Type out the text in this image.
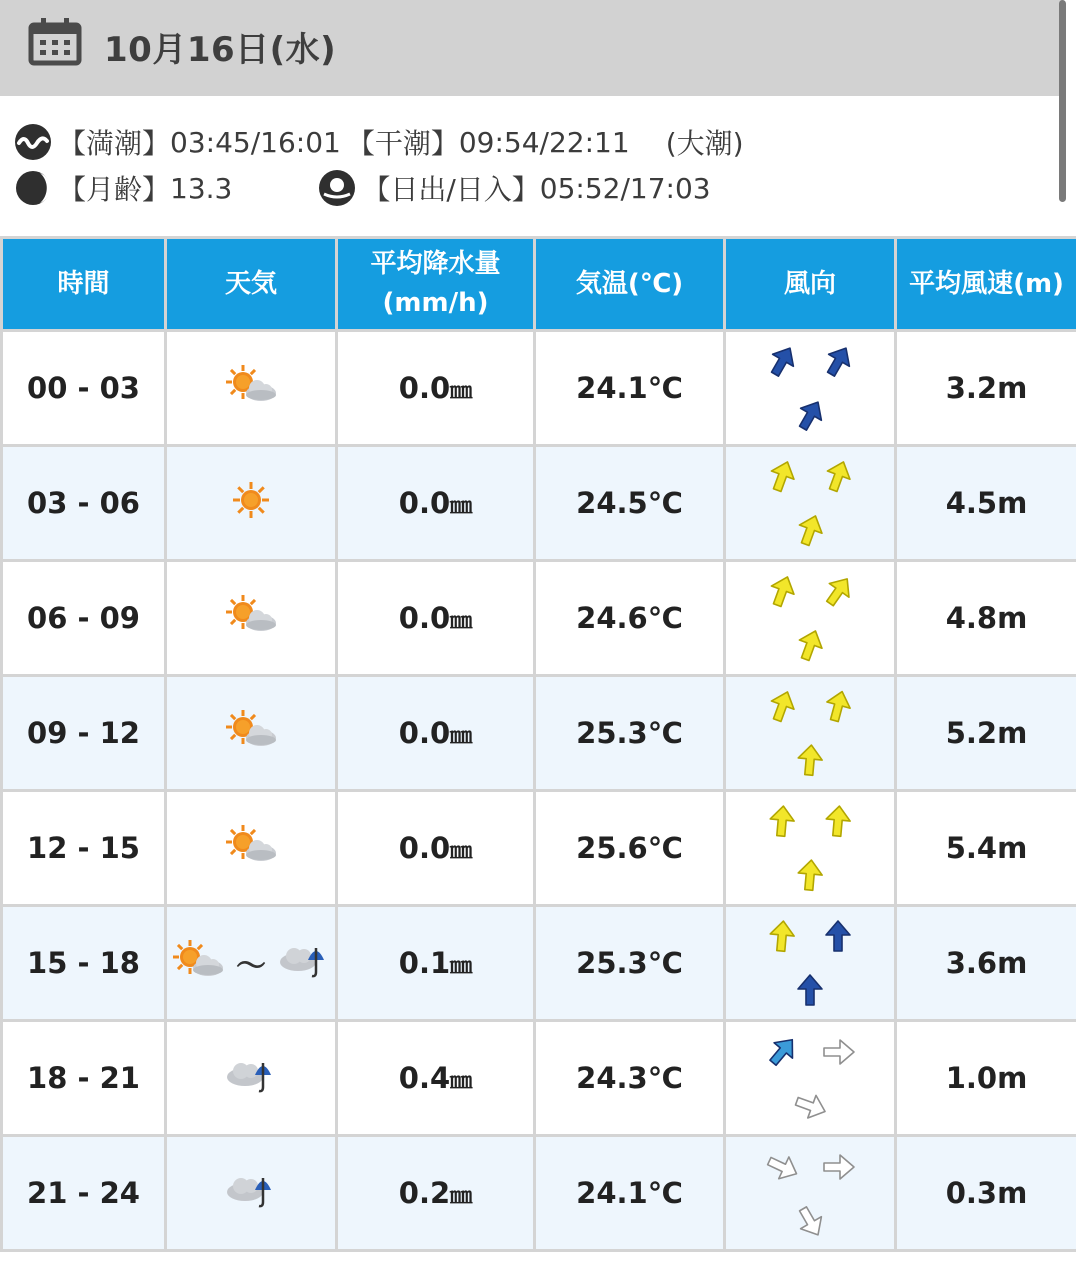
10月16日(水)
【満潮】 03:45/16:01 【干潮】 09:54/22:11 (大潮)
【月齢】 13.3	【日出/日入】 05:52/17:03
時間	天気	平均降水量
(mm/h)	気温(℃)	風向	平均風速(m)
00 - 03		0.0㎜	24.1℃		3.2m
03 - 06		0.0㎜	24.5℃		4.5m
06 - 09		0.0㎜	24.6℃		4.8m
09 - 12		0.0㎜	25.3℃		5.2m
12 - 15		0.0㎜	25.6℃		5.4m
15 - 18	～	0.1㎜	25.3℃		3.6m
18 - 21		0.4㎜	24.3℃		1.0m
21 - 24		0.2㎜	24.1℃		0.3m
